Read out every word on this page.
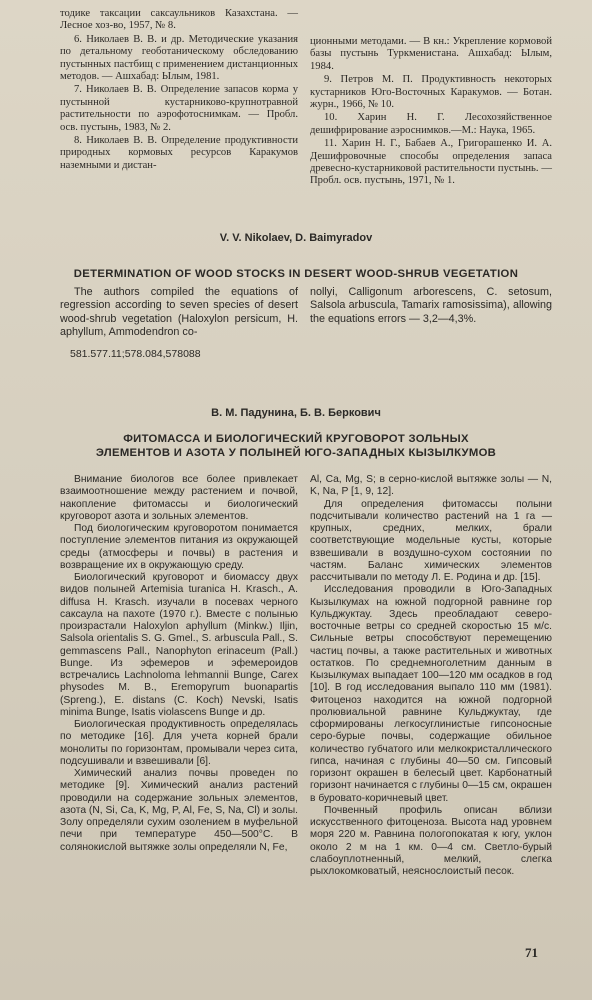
тодике таксации саксаульников Казахстана. — Лесное хоз-во, 1957, № 8.

6. Николаев В. В. и др. Методические указания по детальному геоботаническому обследованию пустынных пастбищ с применением дистанционных методов. — Ашхабад: Ылым, 1981.

7. Николаев В. В. Определение запасов корма у пустынной кустарниково-крупнотравной растительности по аэрофотоснимкам. — Пробл. осв. пустынь, 1983, № 2.

8. Николаев В. В. Определение продуктивности природных кормовых ресурсов Каракумов наземными и дистан-

ционными методами. — В кн.: Укрепление кормовой базы пустынь Туркменистана. Ашхабад: Ылым, 1984.

9. Петров М. П. Продуктивность некоторых кустарников Юго-Восточных Каракумов. — Ботан. журн., 1966, № 10.

10. Харин Н. Г. Лесохозяйственное дешифрирование аэроснимков.—М.: Наука, 1965.

11. Харин Н. Г., Бабаев А., Григорашенко И. А. Дешифровочные способы определения запаса древесно-кустарниковой растительности пустынь. — Пробл. осв. пустынь, 1971, № 1.

V. V. Nikolaev, D. Baimyradov
DETERMINATION OF WOOD STOCKS IN DESERT WOOD-SHRUB VEGETATION
The authors compiled the equations of regression according to seven species of desert wood-shrub vegetation (Haloxylon persicum, H. aphyllum, Ammodendron co-
nollyi, Calligonum arborescens, C. setosum, Salsola arbuscula, Tamarix ramosissima), allowing the equations errors — 3,2—4,3%.
581.577.11;578.084,578088
В. М. Падунина, Б. В. Беркович
ФИТОМАССА И БИОЛОГИЧЕСКИЙ КРУГОВОРОТ ЗОЛЬНЫХ
ЭЛЕМЕНТОВ И АЗОТА У ПОЛЫНЕЙ ЮГО-ЗАПАДНЫХ КЫЗЫЛКУМОВ

Внимание биологов все более привлекает взаимоотношение между растением и почвой, накопление фитомассы и биологический круговорот азота и зольных элементов.

Под биологическим круговоротом понимается поступление элементов питания из окружающей среды (атмосферы и почвы) в растения и возвращение их в окружающую среду.

Биологический круговорот и биомассу двух видов полыней Artemisia turanica H. Krasch., A. diffusa H. Krasch. изучали в посевах черного саксаула на пахоте (1970 г.). Вместе с полынью произрастали Haloxylon aphyllum (Minkw.) Iljin, Salsola orientalis S. G. Gmel., S. arbuscula Pall., S. gemmascens Pall., Nanophyton erinaceum (Pall.) Bunge. Из эфемеров и эфемероидов встречались Lachnoloma lehmannii Bunge, Carex physodes M. B., Eremopyrum buonapartis (Spreng.), E. distans (C. Koch) Nevski, Isatis minima Bunge, Isatis violascens Bunge и др.

Биологическая продуктивность определялась по методике [16]. Для учета корней брали монолиты по горизонтам, промывали через сита, подсушивали и взвешивали [6].

Химический анализ почвы проведен по методике [9]. Химический анализ растений проводили на содержание зольных элементов, азота (N, Si, Ca, K, Mg, P, Al, Fe, S, Na, Cl) и золы. Золу определяли сухим озолением в муфельной печи при температуре 450—500°С. В солянокислой вытяжке золы определяли N, Fe,

Al, Ca, Mg, S; в серно-кислой вытяжке золы — N, K, Na, P [1, 9, 12].

Для определения фитомассы полыни подсчитывали количество растений на 1 га — крупных, средних, мелких, брали соответствующие модельные кусты, которые взвешивали в воздушно-сухом состоянии по частям. Баланс химических элементов рассчитывали по методу Л. Е. Родина и др. [15].

Исследования проводили в Юго-Западных Кызылкумах на южной подгорной равнине гор Кульджуктау. Здесь преобладают северо-восточные ветры со средней скоростью 15 м/с. Сильные ветры способствуют перемещению частиц почвы, а также растительных и животных остатков. По среднемноголетним данным в Кызылкумах выпадает 100—120 мм осадков в год [10]. В год исследования выпало 110 мм (1981). Фитоценоз находится на южной подгорной пролювиальной равнине Кульджуктау, где сформированы легкосуглинистые гипсоносные серо-бурые почвы, содержащие обильное количество губчатого или мелкокристаллического гипса, начиная с глубины 40—50 см. Гипсовый горизонт окрашен в белесый цвет. Карбонатный горизонт начинается с глубины 0—15 см, окрашен в буровато-коричневый цвет.

Почвенный профиль описан вблизи искусственного фитоценоза. Высота над уровнем моря 220 м. Равнина пологопокатая к югу, уклон около 2 м на 1 км. 0—4 см. Светло-бурый слабоуплотненный, мелкий, слегка рыхлокомковатый, неяснослоистый песок.

71
